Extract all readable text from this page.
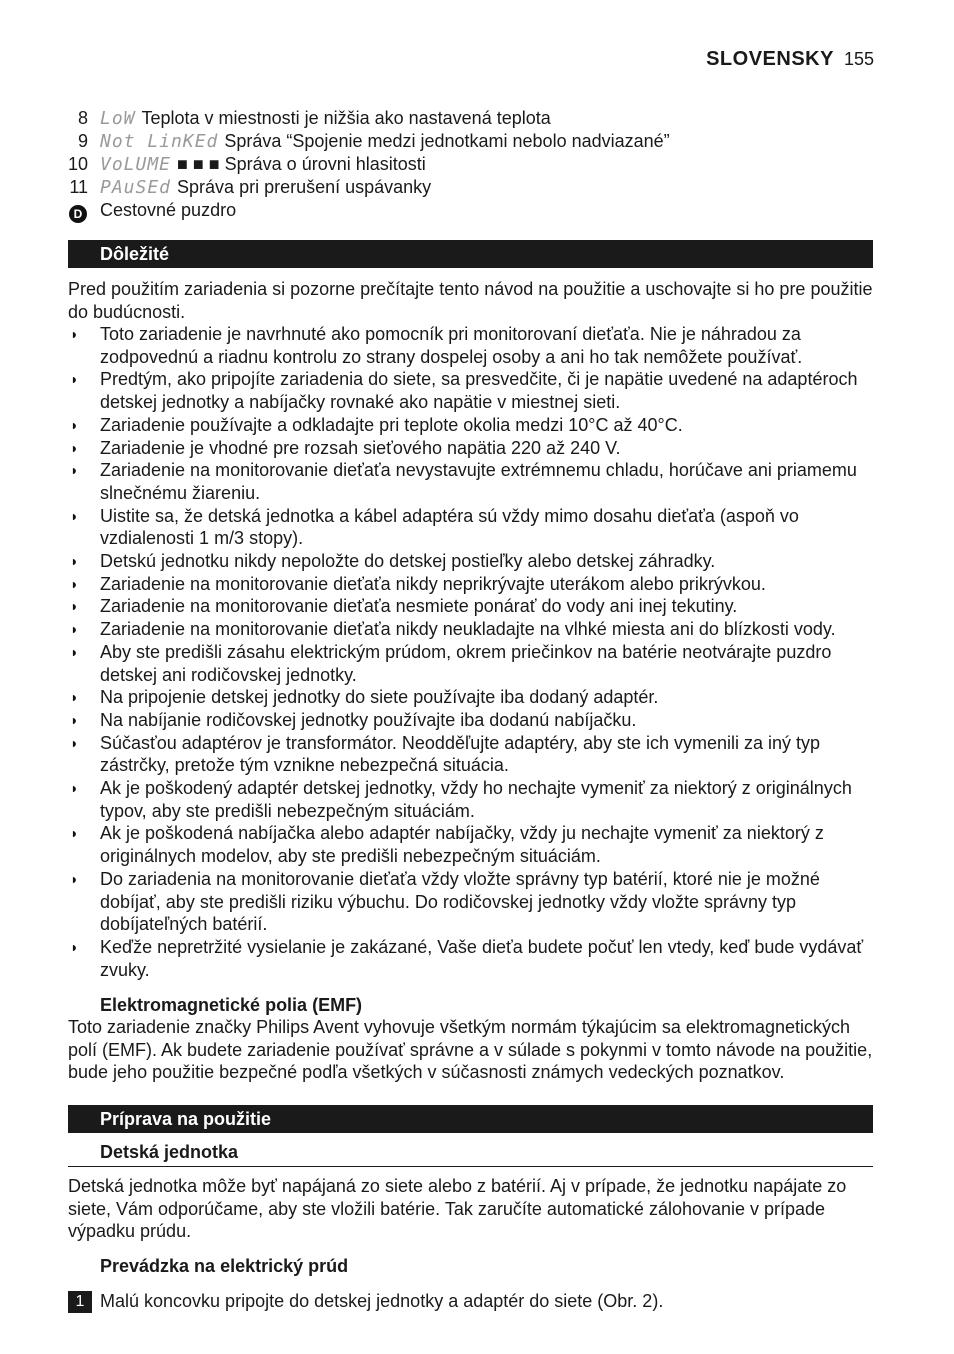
SLOVENSKY 155
8 LoW Teplota v miestnosti je nižšia ako nastavená teplota
9 Not LinKEd Správa “Spojenie medzi jednotkami nebolo nadviazané”
10 VoLUME ■ ■ ■ Správa o úrovni hlasitosti
11 PAuSEd Správa pri prerušení uspávanky
D Cestovné puzdro
Dôležité

Pred použitím zariadenia si pozorne prečítajte tento návod na použitie a uschovajte si ho pre použitie do budúcnosti.

◗ Toto zariadenie je navrhnuté ako pomocník pri monitorovaní dieťaťa. Nie je náhradou za zodpovednú a riadnu kontrolu zo strany dospelej osoby a ani ho tak nemôžete používať.
◗ Predtým, ako pripojíte zariadenia do siete, sa presvedčite, či je napätie uvedené na adaptéroch detskej jednotky a nabíjačky rovnaké ako napätie v miestnej sieti.
◗ Zariadenie používajte a odkladajte pri teplote okolia medzi 10°C až 40°C.
◗ Zariadenie je vhodné pre rozsah sieťového napätia 220 až 240 V.
◗ Zariadenie na monitorovanie dieťaťa nevystavujte extrémnemu chladu, horúčave ani priamemu slnečnému žiareniu.
◗ Uistite sa, že detská jednotka a kábel adaptéra sú vždy mimo dosahu dieťaťa (aspoň vo vzdialenosti 1 m/3 stopy).
◗ Detskú jednotku nikdy nepoložte do detskej postieľky alebo detskej záhradky.
◗ Zariadenie na monitorovanie dieťaťa nikdy neprikrývajte uterákom alebo prikrývkou.
◗ Zariadenie na monitorovanie dieťaťa nesmiete ponárať do vody ani inej tekutiny.
◗ Zariadenie na monitorovanie dieťaťa nikdy neukladajte na vlhké miesta ani do blízkosti vody.
◗ Aby ste predišli zásahu elektrickým prúdom, okrem priečinkov na batérie neotvárajte puzdro detskej ani rodičovskej jednotky.
◗ Na pripojenie detskej jednotky do siete používajte iba dodaný adaptér.
◗ Na nabíjanie rodičovskej jednotky používajte iba dodanú nabíjačku.
◗ Súčasťou adaptérov je transformátor. Neodděľujte adaptéry, aby ste ich vymenili za iný typ zástrčky, pretože tým vznikne nebezpečná situácia.
◗ Ak je poškodený adaptér detskej jednotky, vždy ho nechajte vymeniť za niektorý z originálnych typov, aby ste predišli nebezpečným situáciám.
◗ Ak je poškodená nabíjačka alebo adaptér nabíjačky, vždy ju nechajte vymeniť za niektorý z originálnych modelov, aby ste predišli nebezpečným situáciám.
◗ Do zariadenia na monitorovanie dieťaťa vždy vložte správny typ batérií, ktoré nie je možné dobíjať, aby ste predišli riziku výbuchu. Do rodičovskej jednotky vždy vložte správny typ dobíjateľných batérií.
◗ Keďže nepretržité vysielanie je zakázané, Vaše dieťa budete počuť len vtedy, keď bude vydávať zvuky.
Elektromagnetické polia (EMF)

Toto zariadenie značky Philips Avent vyhovuje všetkým normám týkajúcim sa elektromagnetických polí (EMF). Ak budete zariadenie používať správne a v súlade s pokynmi v tomto návode na použitie, bude jeho použitie bezpečné podľa všetkých v súčasnosti známych vedeckých poznatkov.

Príprava na použitie
Detská jednotka

Detská jednotka môže byť napájaná zo siete alebo z batérií. Aj v prípade, že jednotku napájate zo siete, Vám odporúčame, aby ste vložili batérie. Tak zaručíte automatické zálohovanie v prípade výpadku prúdu.

Prevádzka na elektrický prúd
1 Malú koncovku pripojte do detskej jednotky a adaptér do siete (Obr. 2).
